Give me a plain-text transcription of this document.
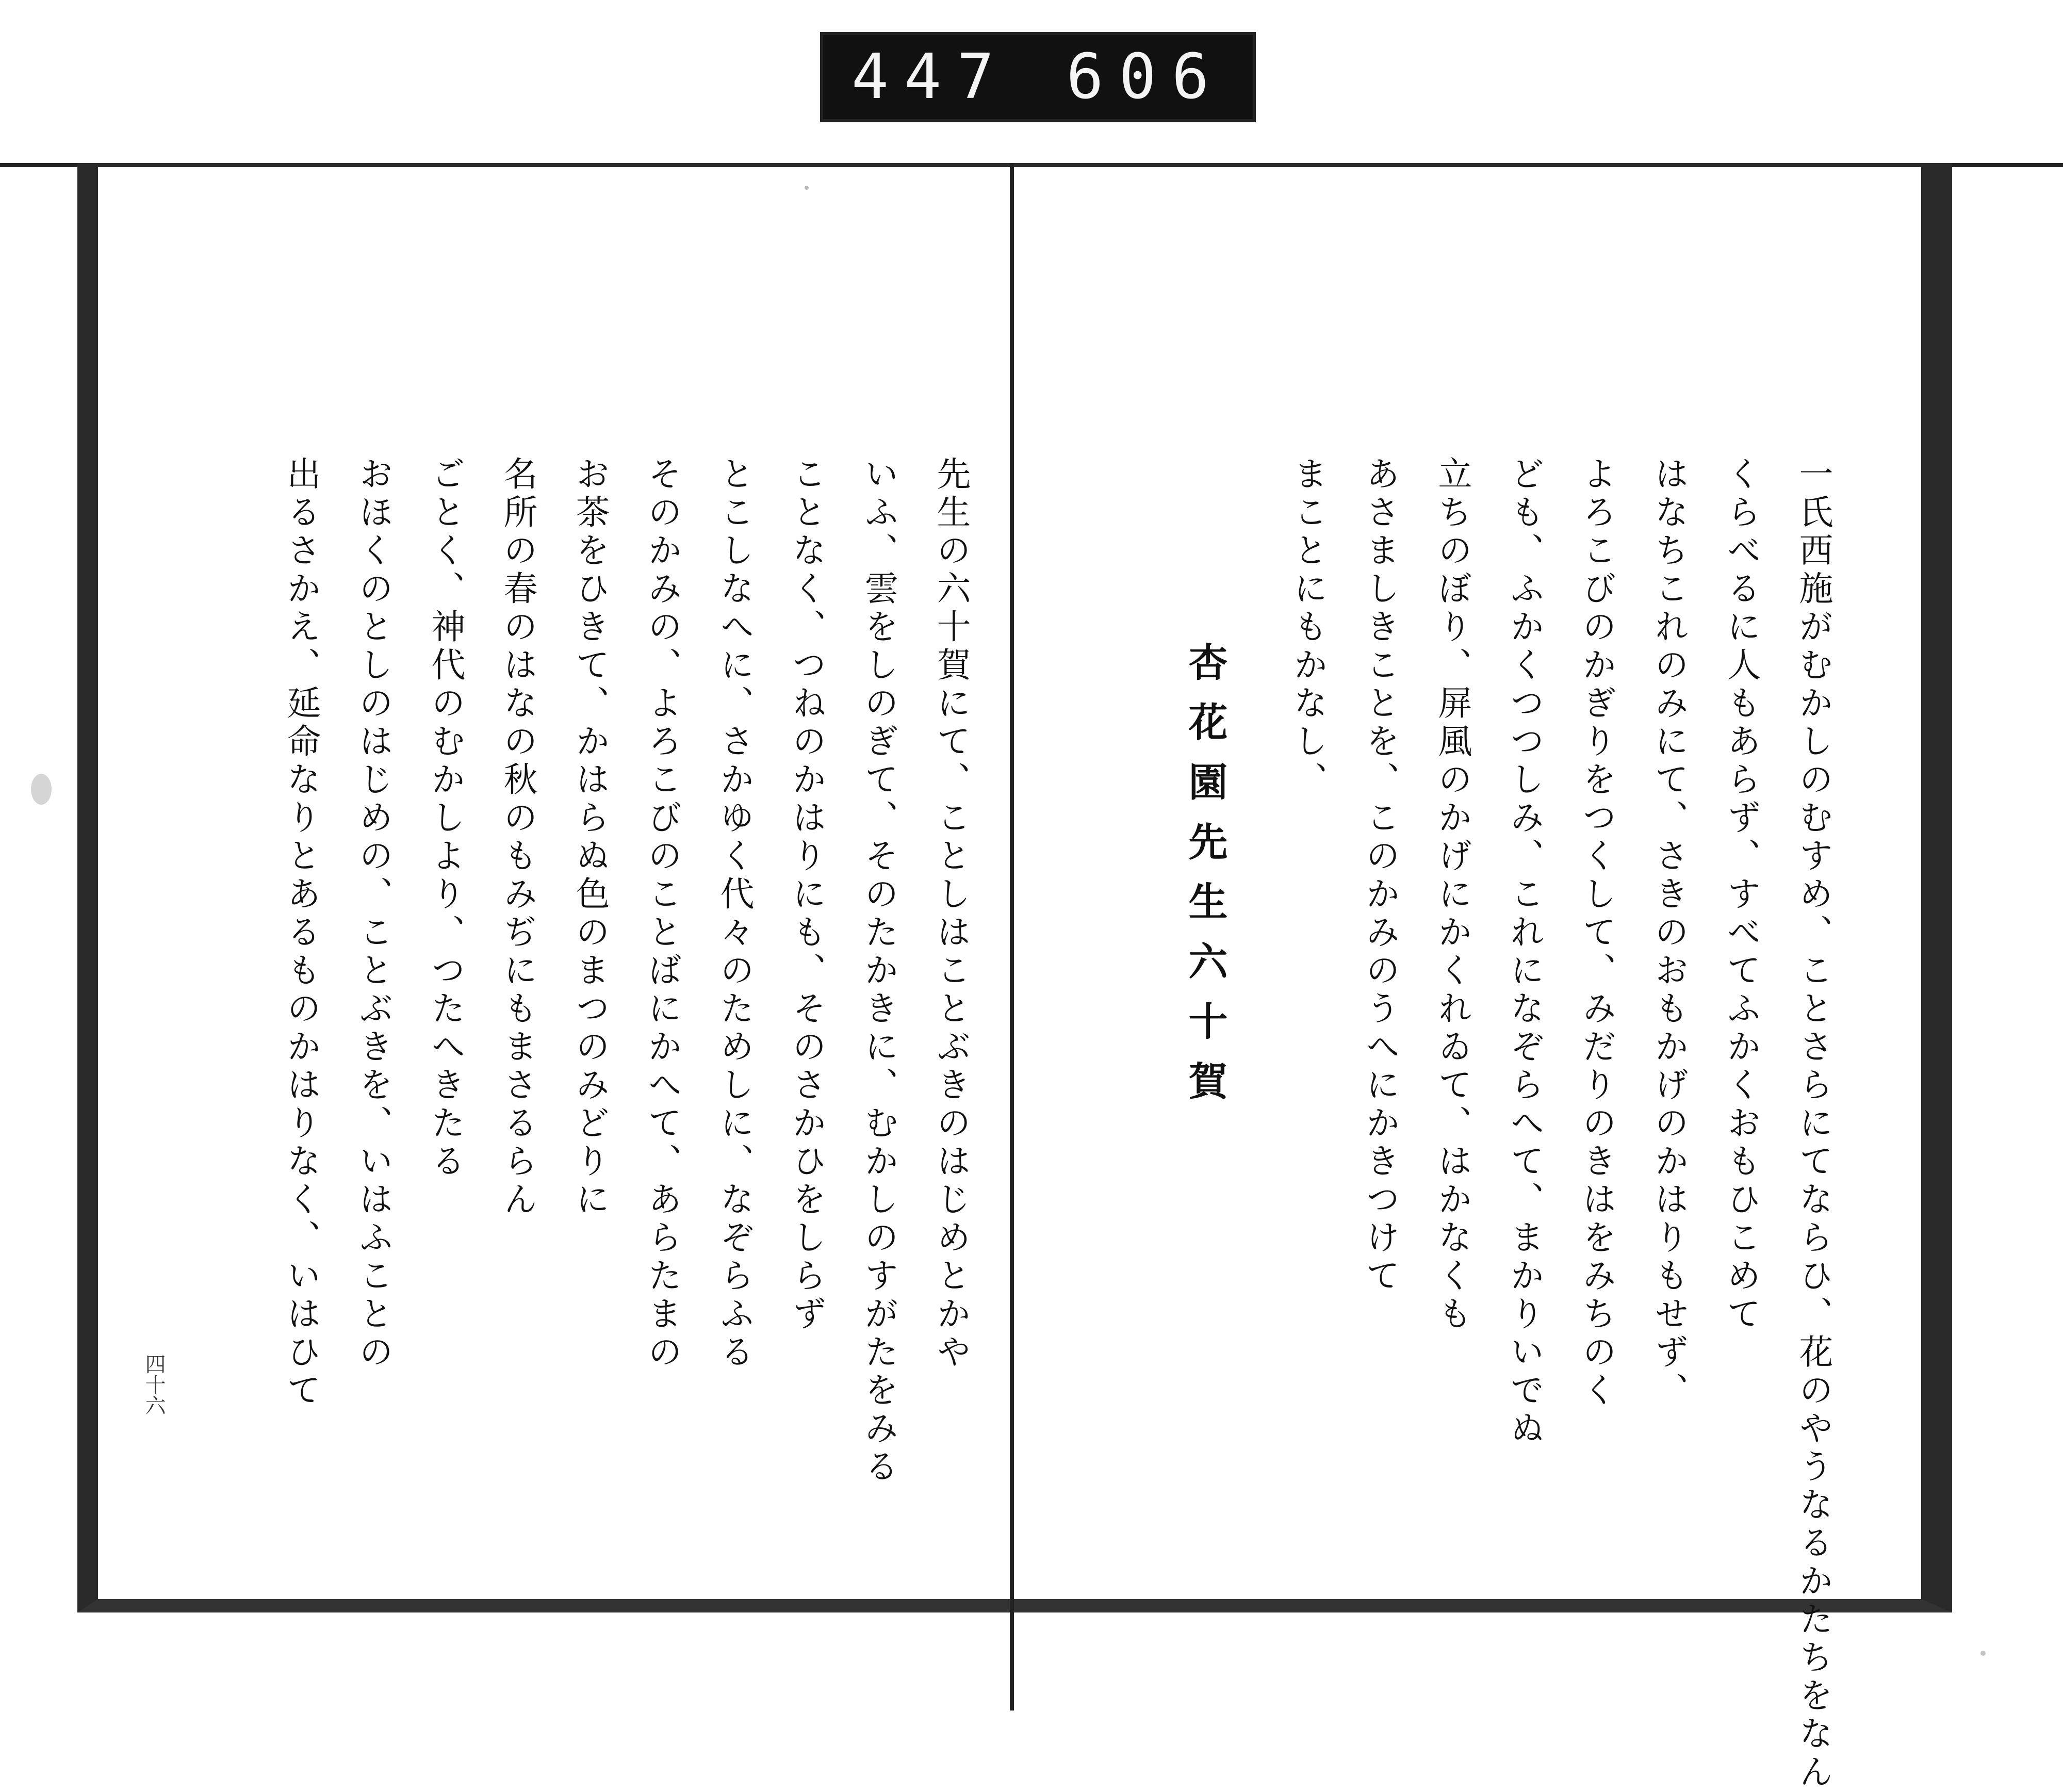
447 606
先生の六十賀にて、ことしはことぶきのはじめとかや
いふ、雲をしのぎて、そのたかきに、むかしのすがたをみる
ことなく、つねのかはりにも、そのさかひをしらず
とこしなへに、さかゆく代々のためしに、なぞらふる
そのかみの、よろこびのことばにかへて、あらたまの
お茶をひきて、かはらぬ色のまつのみどりに
名所の春のはなの秋のもみぢにもまさるらん
ごとく、神代のむかしより、つたへきたる
おほくのとしのはじめの、ことぶきを、いはふことの
出るさかえ、延命なりとあるものかはりなく、いはひて
四十六	一氏西施がむかしのむすめ、ことさらにてならひ、花のやうなるかたちをなん
くらべるに人もあらず、すべてふかくおもひこめて
はなちこれのみにて、さきのおもかげのかはりもせず、
よろこびのかぎりをつくして、みだりのきはをみちのく
ども、ふかくつつしみ、これになぞらへて、まかりいでぬ
立ちのぼり、屏風のかげにかくれゐて、はかなくも
あさましきことを、このかみのうへにかきつけて
まことにもかなし、
杏花園先生六十賀
